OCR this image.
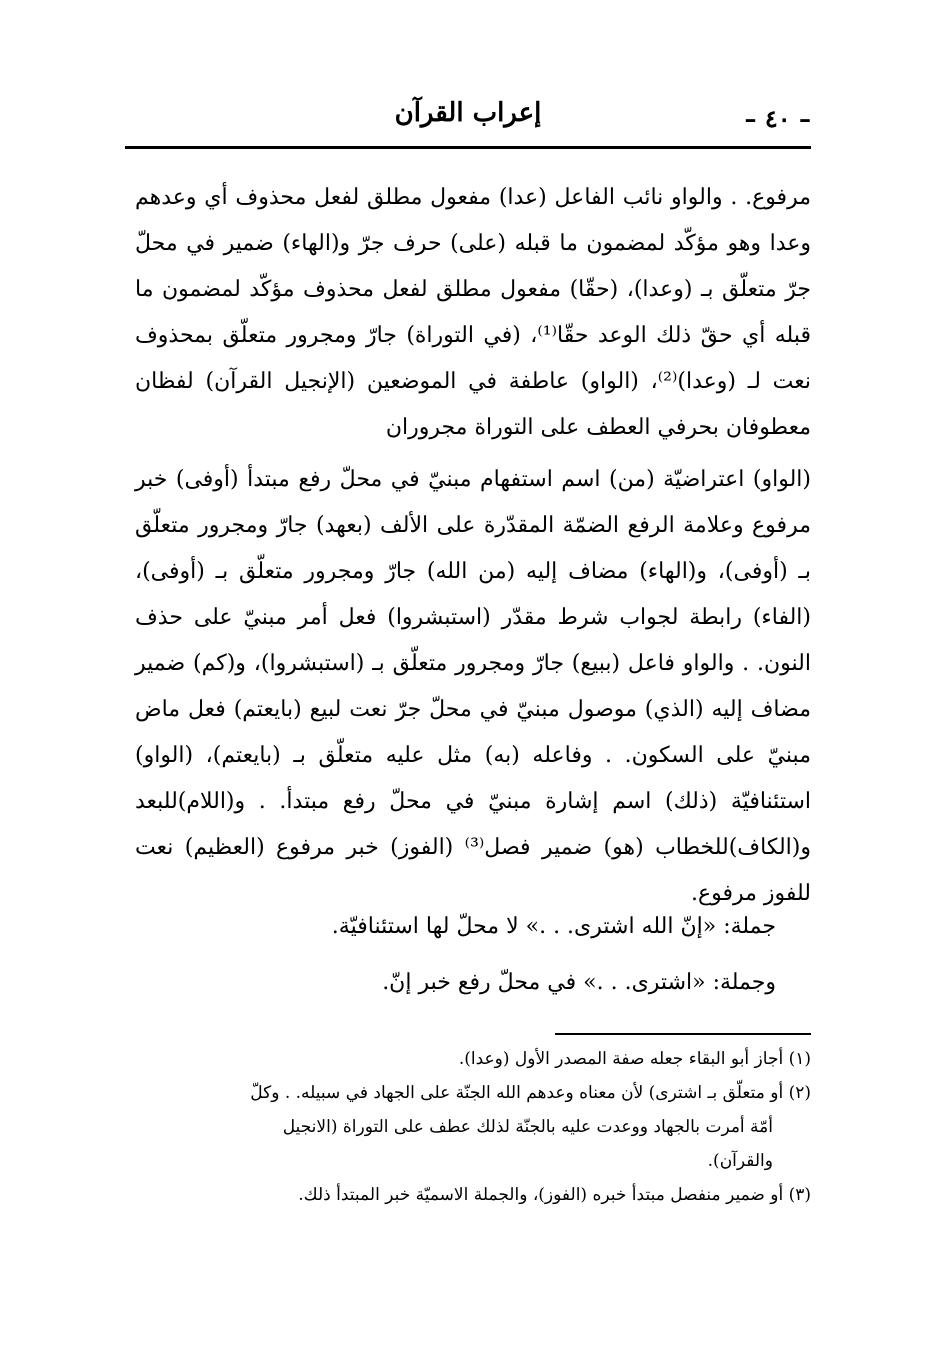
إعراب القرآن	– ٤٠ –
مرفوع. . والواو نائب الفاعل (عدا) مفعول مطلق لفعل محذوف أي وعدهم وعدا وهو مؤكّد لمضمون ما قبله (على) حرف جرّ و(الهاء) ضمير في محلّ جرّ متعلّق بـ (وعدا)، (حقّا) مفعول مطلق لفعل محذوف مؤكّد لمضمون ما قبله أي حقّ ذلك الوعد حقّا⁽¹⁾، (في التوراة) جارّ ومجرور متعلّق بمحذوف نعت لـ (وعدا)⁽²⁾، (الواو) عاطفة في الموضعين (الإنجيل القرآن) لفظان معطوفان بحرفي العطف على التوراة مجروران
(الواو) اعتراضيّة (من) اسم استفهام مبنيّ في محلّ رفع مبتدأ (أوفى) خبر مرفوع وعلامة الرفع الضمّة المقدّرة على الألف (بعهد) جارّ ومجرور متعلّق بـ (أوفى)، و(الهاء) مضاف إليه (من الله) جارّ ومجرور متعلّق بـ (أوفى)، (الفاء) رابطة لجواب شرط مقدّر (استبشروا) فعل أمر مبنيّ على حذف النون. . والواو فاعل (ببيع) جارّ ومجرور متعلّق بـ (استبشروا)، و(كم) ضمير مضاف إليه (الذي) موصول مبنيّ في محلّ جرّ نعت لبيع (بايعتم) فعل ماض مبنيّ على السكون. . وفاعله (به) مثل عليه متعلّق بـ (بايعتم)، (الواو) استئنافيّة (ذلك) اسم إشارة مبنيّ في محلّ رفع مبتدأ. . و(اللام)للبعد و(الكاف)للخطاب (هو) ضمير فصل⁽³⁾ (الفوز) خبر مرفوع (العظيم) نعت للفوز مرفوع.
جملة: «إنّ الله اشترى. . .» لا محلّ لها استئنافيّة.
وجملة: «اشترى. . .» في محلّ رفع خبر إنّ.

(١) أجاز أبو البقاء جعله صفة المصدر الأول (وعدا).

(٢) أو متعلّق بـ اشترى) لأن معناه وعدهم الله الجنّة على الجهاد في سبيله. . وكلّ

أمّة أمرت بالجهاد ووعدت عليه بالجنّة لذلك عطف على التوراة (الانجيل

والقرآن).

(٣) أو ضمير منفصل مبتدأ خبره (الفوز)، والجملة الاسميّة خبر المبتدأ ذلك.
